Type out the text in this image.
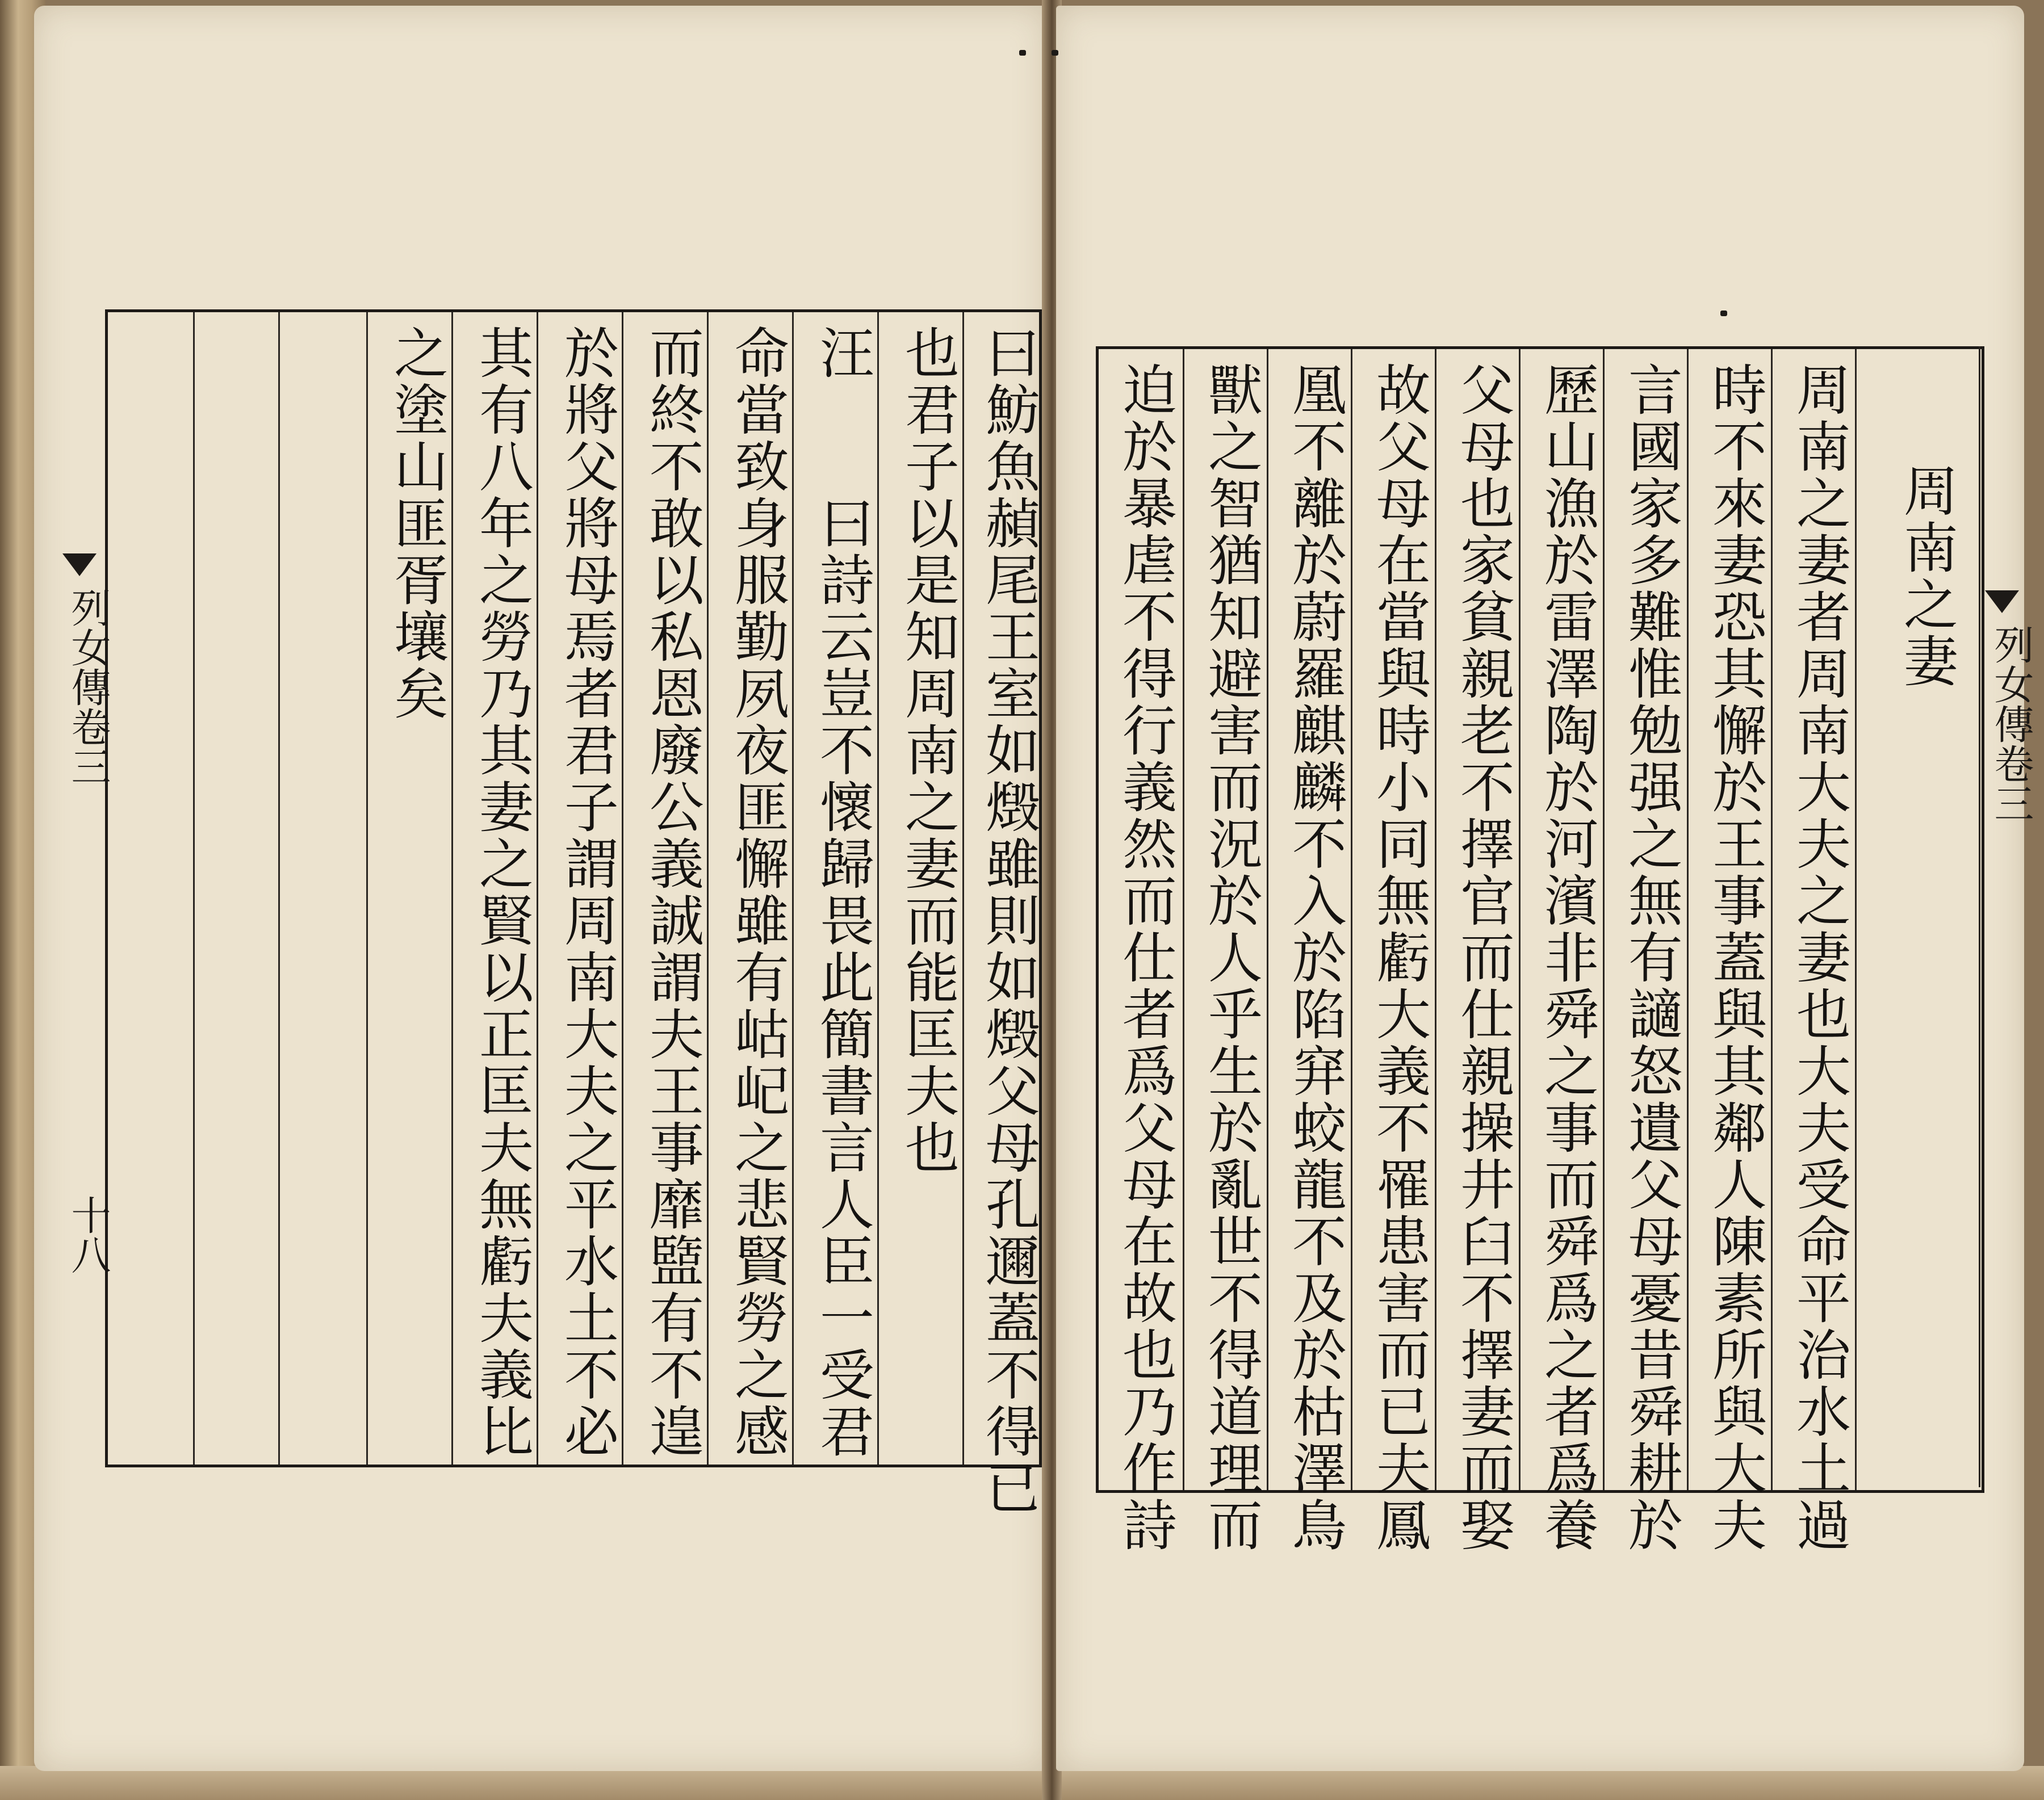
之塗山匪胥壤矣 其有八年之勞乃其妻之賢以正匡夫無虧夫義比 於將父將母焉者君子謂周南大夫之平水土不必 而終不敢以私恩廢公義誠謂夫王事靡盬有不遑 命當致身服勤夙夜匪懈雖有岵屺之悲賢勞之感 汪　　曰詩云豈不懷歸畏此簡書言人臣一受君 也君子以是知周南之妻而能匡夫也 曰魴魚赬尾王室如燬雖則如燬父母孔邇蓋不得已
列女傳卷三
十八	迫於暴虐不得行義然而仕者爲父母在故也乃作詩 獸之智猶知避害而況於人乎生於亂世不得道理而 凰不離於蔚羅麒麟不入於陷穽蛟龍不及於枯澤鳥 故父母在當與時小同無虧大義不罹患害而已夫鳳 父母也家貧親老不擇官而仕親操井臼不擇妻而娶 歷山漁於雷澤陶於河濱非舜之事而舜爲之者爲養 言國家多難惟勉强之無有讁怒遺父母憂昔舜耕於 時不來妻恐其懈於王事蓋與其鄰人陳素所與大夫 周南之妻者周南大夫之妻也大夫受命平治水土過 周南之妻
列女傳卷三
